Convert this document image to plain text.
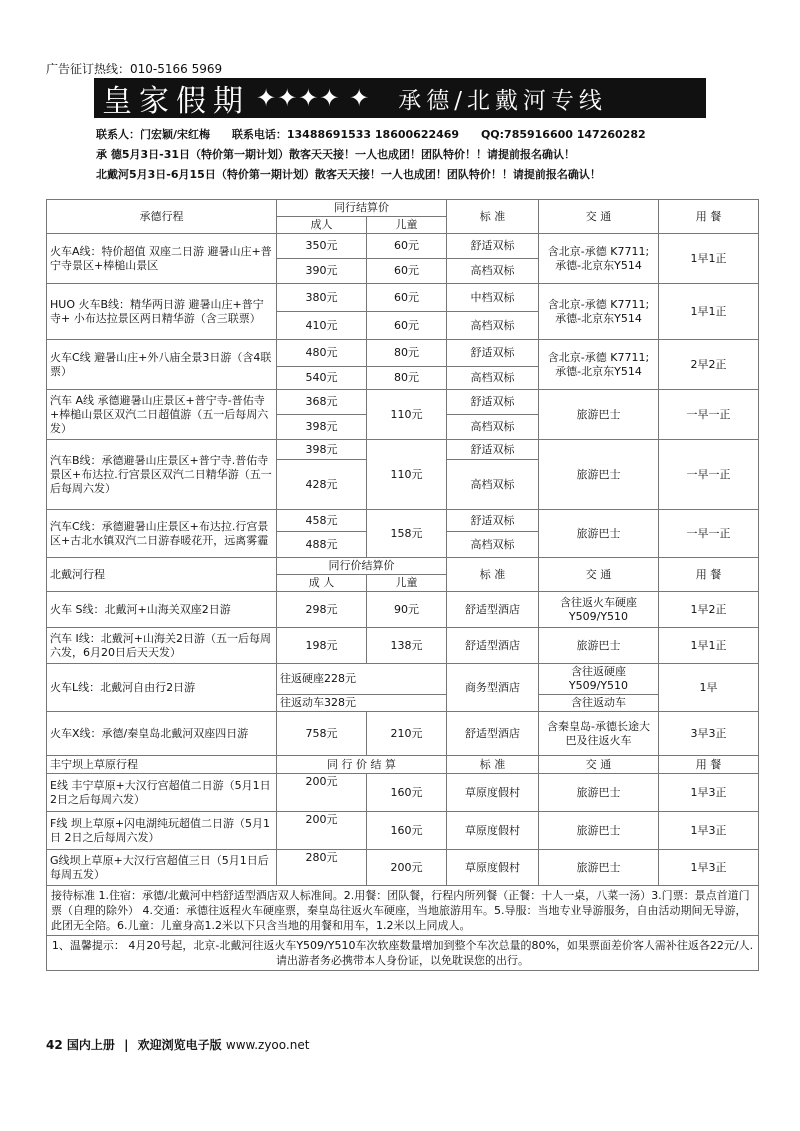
广告征订热线：010-5166 5969
皇家假期 ✦✦✦✦ ✦ 承德/北戴河专线
联系人：门宏颖/宋红梅 联系电话：13488691533 18600622469 QQ:785916600 147260282
承 德5月3日-31日（特价第一期计划）散客天天接！一人也成团！团队特价！！请提前报名确认！
北戴河5月3日-6月15日（特价第一期计划）散客天天接！一人也成团！团队特价！！请提前报名确认！
承德行程	同行结算价		标 准	交 通	用 餐
	成人	儿童			
火车A线：特价超值 双座二日游 避暑山庄+普宁寺景区+棒槌山景区	350元	60元	舒适双标	含北京-承德 K7711; 承德-北京东Y514	1早1正
	390元	60元	高档双标		
HUO 火车B线：精华两日游 避暑山庄+普宁寺+ 小布达拉景区两日精华游（含三联票）	380元	60元	中档双标	含北京-承德 K7711; 承德-北京东Y514	1早1正
	410元	60元	高档双标		
火车C线 避暑山庄+外八庙全景3日游（含4联票）	480元	80元	舒适双标	含北京-承德 K7711; 承德-北京东Y514	2早2正
	540元	80元	高档双标		
汽车 A线 承德避暑山庄景区+普宁寺-普佑寺+棒槌山景区双汽二日超值游（五一后每周六发）	368元	110元	舒适双标	旅游巴士	一早一正
	398元		高档双标		
汽车B线：承德避暑山庄景区+普宁寺.普佑寺景区+布达拉.行宫景区双汽二日精华游（五一后每周六发）	398元	110元	舒适双标	旅游巴士	一早一正
	428元		高档双标		
汽车C线：承德避暑山庄景区+布达拉.行宫景区+古北水镇双汽二日游春暖花开，远离雾霾	458元	158元	舒适双标	旅游巴士	一早一正
	488元		高档双标		
北戴河行程	同行价结算价		标 准	交 通	用 餐
	成 人	儿童			
火车 S线：北戴河+山海关双座2日游	298元	90元	舒适型酒店	含往返火车硬座 Y509/Y510	1早2正
汽车 I线：北戴河+山海关2日游（五一后每周六发，6月20日后天天发）	198元	138元	舒适型酒店	旅游巴士	1早1正
火车L线：北戴河自由行2日游	往返硬座228元		商务型酒店	含往返硬座 Y509/Y510	1早
	往返动车328元			含往返动车	
火车X线：承德/秦皇岛北戴河双座四日游	758元	210元	舒适型酒店	含秦皇岛-承德长途大巴及往返火车	3早3正
丰宁坝上草原行程	同 行 价 结 算		标 准	交 通	用 餐
E线 丰宁草原+大汉行宫超值二日游（5月1日 2日之后每周六发）	200元	160元	草原度假村	旅游巴士	1早3正
F线 坝上草原+闪电湖纯玩超值二日游（5月1日 2日之后每周六发）	200元	160元	草原度假村	旅游巴士	1早3正
G线坝上草原+大汉行宫超值三日（5月1日后 每周五发）	280元	200元	草原度假村	旅游巴士	1早3正
接待标准 1.住宿：承德/北戴河中档舒适型酒店双人标准间。2.用餐：团队餐，行程内所列餐（正餐：十人一桌，八菜一汤）3.门票：景点首道门票（自理的除外） 4.交通：承德往返程火车硬座票，秦皇岛往返火车硬座，当地旅游用车。5.导服：当地专业导游服务，自由活动期间无导游，此团无全陪。6.儿童：儿童身高1.2米以下只含当地的用餐和用车，1.2米以上同成人。					
1、温馨提示： 4月20号起，北京-北戴河往返火车Y509/Y510车次软座数量增加到整个车次总量的80%，如果票面差价客人需补往返各22元/人.请出游者务必携带本人身份证，以免耽误您的出行。					
42 国内上册 | 欢迎浏览电子版 www.zyoo.net
